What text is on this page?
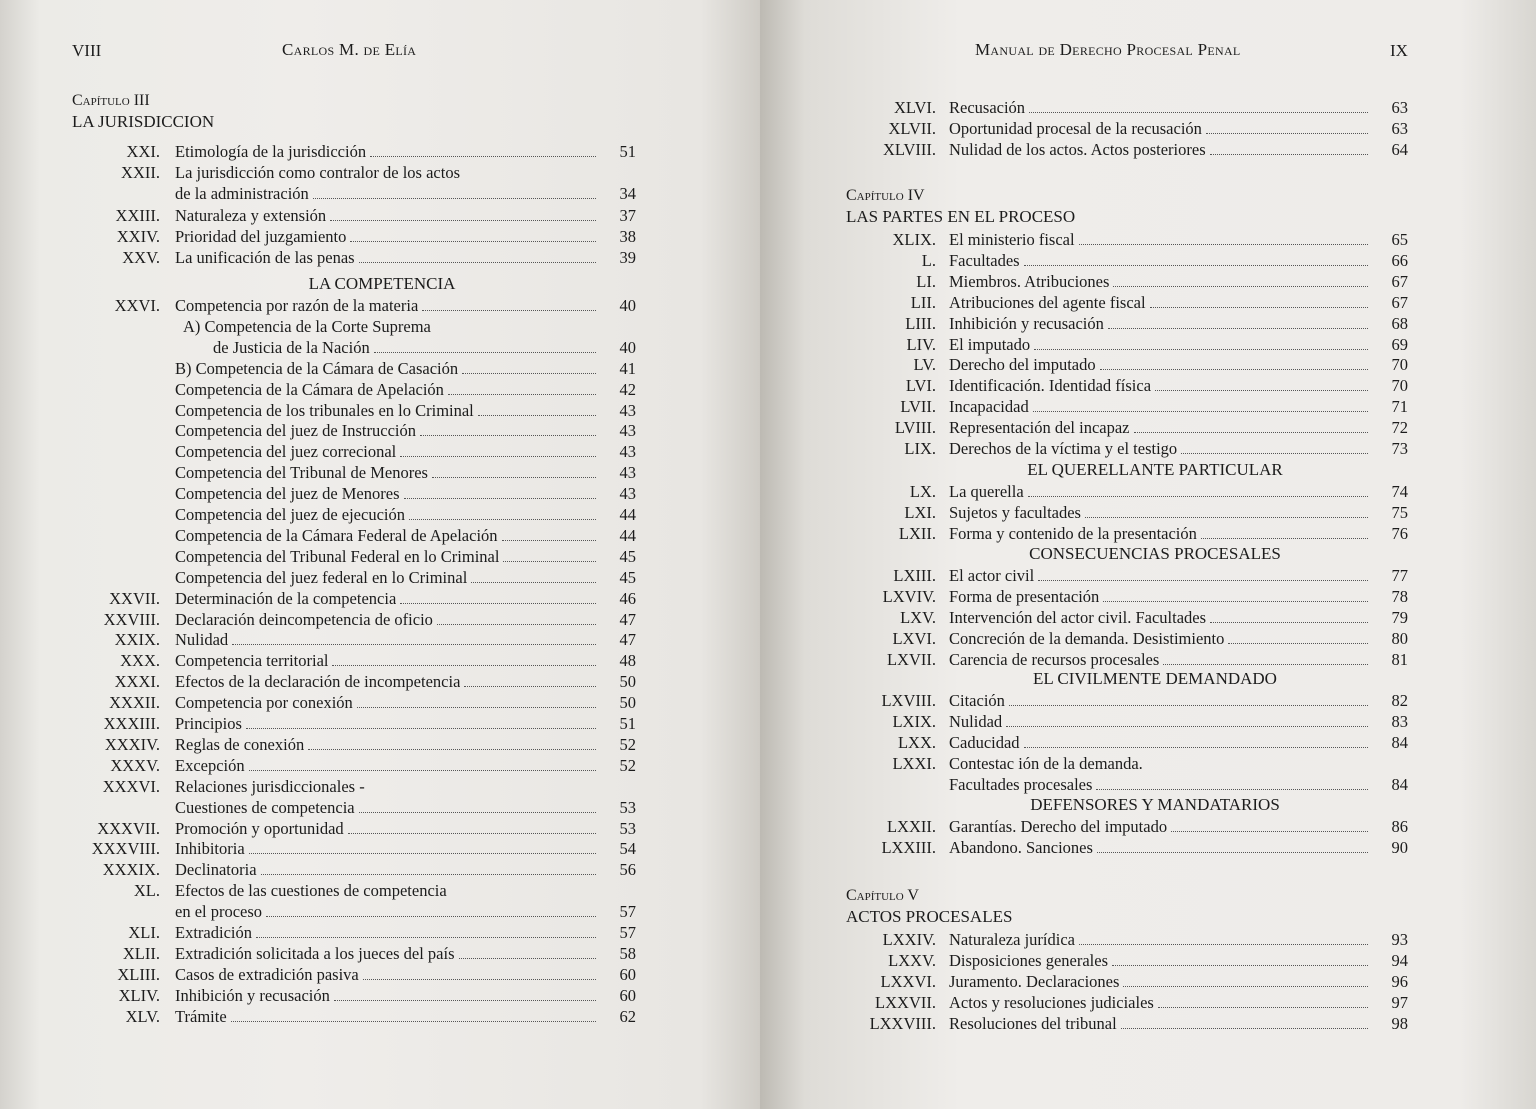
VIII	Carlos M. de Elía
Capítulo III
LA JURISDICCION
XXI. Etimología de la jurisdicción	51
XXII. La jurisdicción como contralor de los actos
de la administración	34
XXIII. Naturaleza y extensión	37
XXIV. Prioridad del juzgamiento	38
XXV. La unificación de las penas	39
LA COMPETENCIA
XXVI. Competencia por razón de la materia	40
A) Competencia de la Corte Suprema
de Justicia de la Nación	40
B) Competencia de la Cámara de Casación	41
Competencia de la Cámara de Apelación	42
Competencia de los tribunales en lo Criminal	43
Competencia del juez de Instrucción	43
Competencia del juez correcional	43
Competencia del Tribunal de Menores	43
Competencia del juez de Menores	43
Competencia del juez de ejecución	44
Competencia de la Cámara Federal de Apelación	44
Competencia del Tribunal Federal en lo Criminal	45
Competencia del juez federal en lo Criminal	45
XXVII. Determinación de la competencia	46
XXVIII. Declaración deincompetencia de oficio	47
XXIX. Nulidad	47
XXX. Competencia territorial	48
XXXI. Efectos de la declaración de incompetencia	50
XXXII. Competencia por conexión	50
XXXIII. Principios	51
XXXIV. Reglas de conexión	52
XXXV. Excepción	52
XXXVI. Relaciones jurisdiccionales -
Cuestiones de competencia	53
XXXVII. Promoción y oportunidad	53
XXXVIII. Inhibitoria	54
XXXIX. Declinatoria	56
XL. Efectos de las cuestiones de competencia
en el proceso	57
XLI. Extradición	57
XLII. Extradición solicitada a los jueces del país	58
XLIII. Casos de extradición pasiva	60
XLIV. Inhibición y recusación	60
XLV. Trámite	62
Manual de Derecho Procesal Penal	IX
XLVI. Recusación	63
XLVII. Oportunidad procesal de la recusación	63
XLVIII. Nulidad de los actos. Actos posteriores	64
Capítulo IV
LAS PARTES EN EL PROCESO
XLIX. El ministerio fiscal	65
L. Facultades	66
LI. Miembros. Atribuciones	67
LII. Atribuciones del agente fiscal	67
LIII. Inhibición y recusación	68
LIV. El imputado	69
LV. Derecho del imputado	70
LVI. Identificación. Identidad física	70
LVII. Incapacidad	71
LVIII. Representación del incapaz	72
LIX. Derechos de la víctima y el testigo	73
EL QUERELLANTE PARTICULAR
LX. La querella	74
LXI. Sujetos y facultades	75
LXII. Forma y contenido de la presentación	76
CONSECUENCIAS PROCESALES
LXIII. El actor civil	77
LXVIV. Forma de presentación	78
LXV. Intervención del actor civil. Facultades	79
LXVI. Concreción de la demanda. Desistimiento	80
LXVII. Carencia de recursos procesales	81
EL CIVILMENTE DEMANDADO
LXVIII. Citación	82
LXIX. Nulidad	83
LXX. Caducidad	84
LXXI. Contestac ión de la demanda.
Facultades procesales	84
DEFENSORES Y MANDATARIOS
LXXII. Garantías. Derecho del imputado	86
LXXIII. Abandono. Sanciones	90
Capítulo V
ACTOS PROCESALES
LXXIV. Naturaleza jurídica	93
LXXV. Disposiciones generales	94
LXXVI. Juramento. Declaraciones	96
LXXVII. Actos y resoluciones judiciales	97
LXXVIII. Resoluciones del tribunal	98
